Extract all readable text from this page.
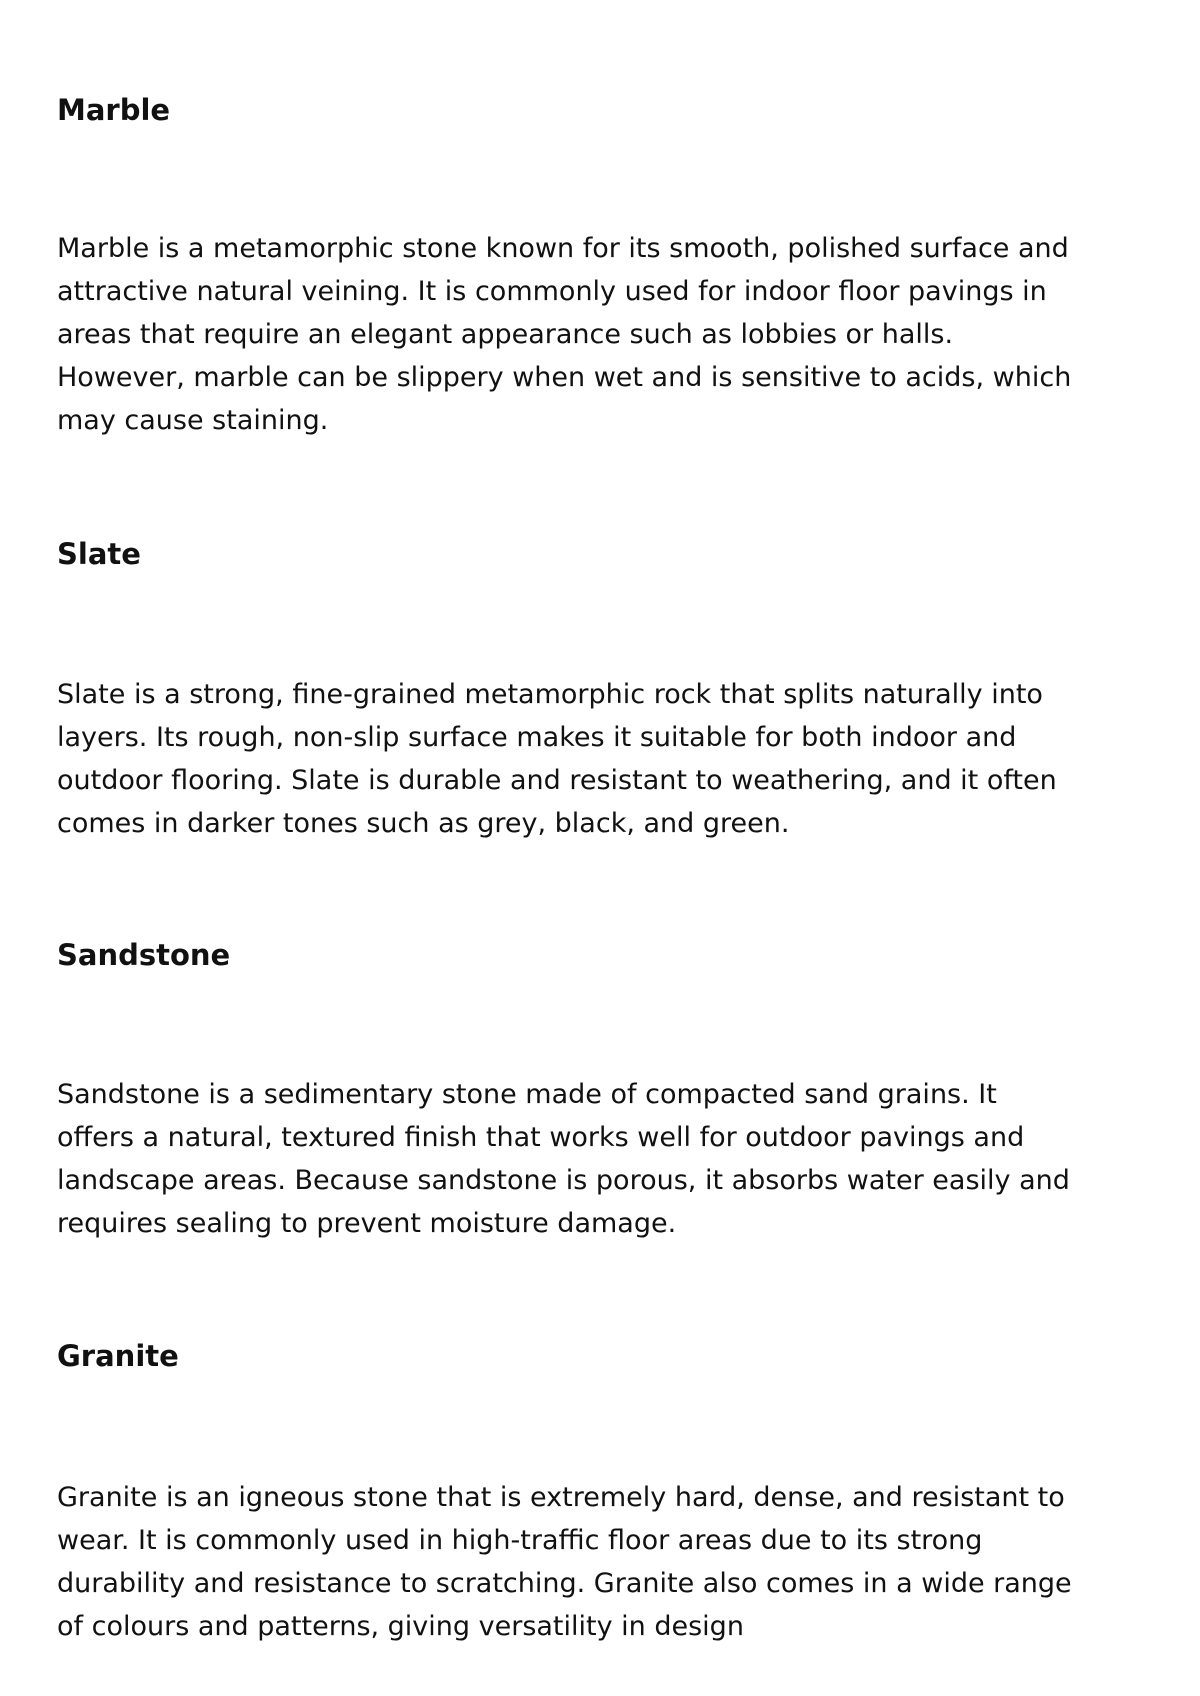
Marble

Marble is a metamorphic stone known for its smooth, polished surface and
attractive natural veining. It is commonly used for indoor floor pavings in
areas that require an elegant appearance such as lobbies or halls.
However, marble can be slippery when wet and is sensitive to acids, which
may cause staining.

Slate

Slate is a strong, fine-grained metamorphic rock that splits naturally into
layers. Its rough, non-slip surface makes it suitable for both indoor and
outdoor flooring. Slate is durable and resistant to weathering, and it often
comes in darker tones such as grey, black, and green.

Sandstone

Sandstone is a sedimentary stone made of compacted sand grains. It
offers a natural, textured finish that works well for outdoor pavings and
landscape areas. Because sandstone is porous, it absorbs water easily and
requires sealing to prevent moisture damage.

Granite

Granite is an igneous stone that is extremely hard, dense, and resistant to
wear. It is commonly used in high-traffic floor areas due to its strong
durability and resistance to scratching. Granite also comes in a wide range
of colours and patterns, giving versatility in design
